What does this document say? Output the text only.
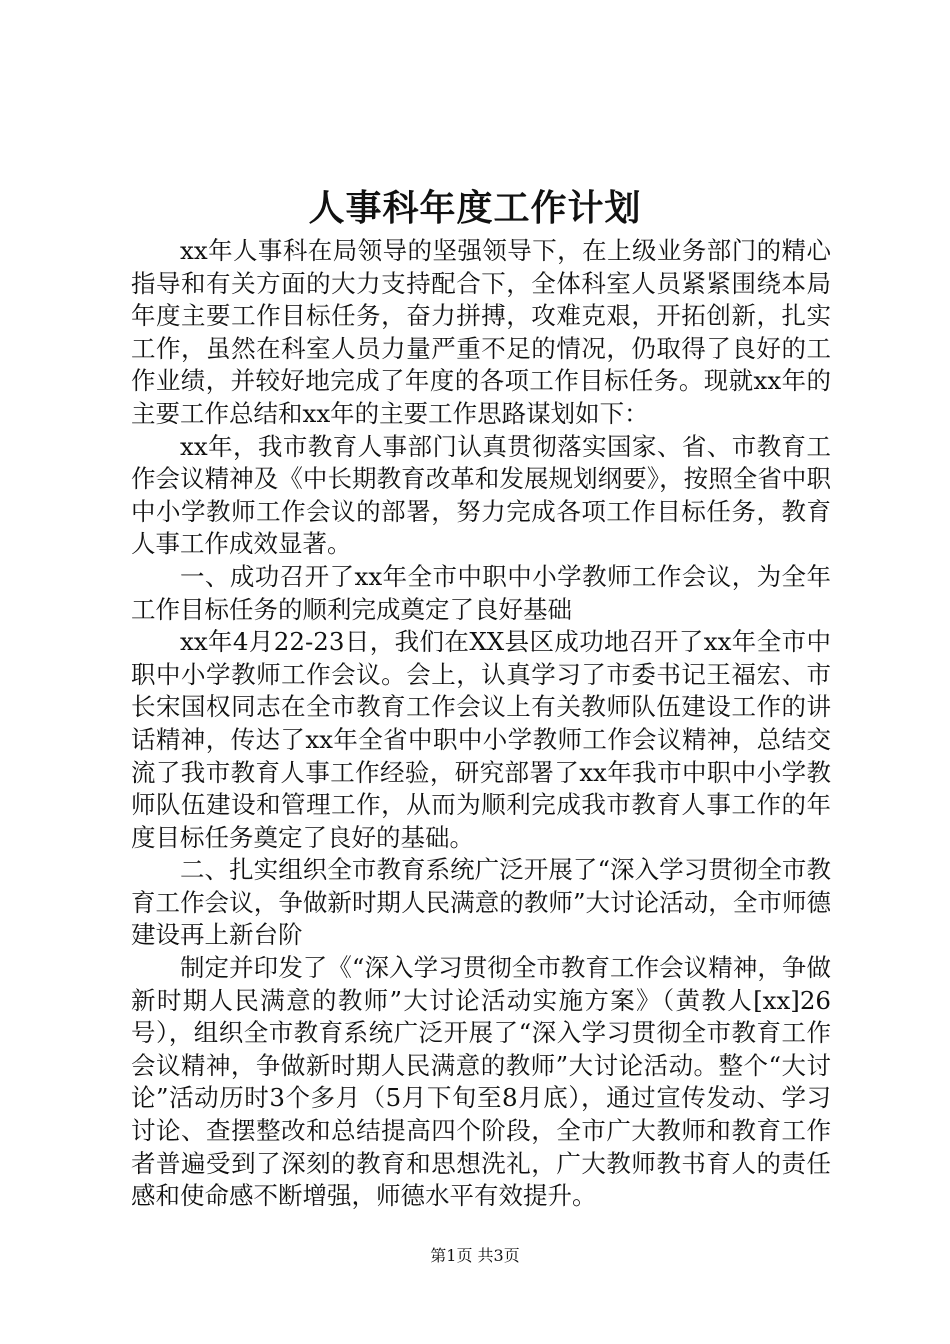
人事科年度工作计划

xx年人事科在局领导的坚强领导下，在上级业务部门的精心指导和有关方面的大力支持配合下，全体科室人员紧紧围绕本局年度主要工作目标任务，奋力拼搏，攻难克艰，开拓创新，扎实工作，虽然在科室人员力量严重不足的情况，仍取得了良好的工作业绩，并较好地完成了年度的各项工作目标任务。现就xx年的主要工作总结和xx年的主要工作思路谋划如下：

xx年，我市教育人事部门认真贯彻落实国家、省、市教育工作会议精神及《中长期教育改革和发展规划纲要》，按照全省中职中小学教师工作会议的部署，努力完成各项工作目标任务，教育人事工作成效显著。

一、成功召开了xx年全市中职中小学教师工作会议，为全年工作目标任务的顺利完成奠定了良好基础

xx年4月22-23日，我们在XX县区成功地召开了xx年全市中职中小学教师工作会议。会上，认真学习了市委书记王福宏、市长宋国权同志在全市教育工作会议上有关教师队伍建设工作的讲话精神，传达了xx年全省中职中小学教师工作会议精神，总结交流了我市教育人事工作经验，研究部署了xx年我市中职中小学教师队伍建设和管理工作，从而为顺利完成我市教育人事工作的年度目标任务奠定了良好的基础。

二、扎实组织全市教育系统广泛开展了“深入学习贯彻全市教育工作会议，争做新时期人民满意的教师”大讨论活动，全市师德建设再上新台阶

制定并印发了《“深入学习贯彻全市教育工作会议精神，争做新时期人民满意的教师”大讨论活动实施方案》（黄教人[xx]26号），组织全市教育系统广泛开展了“深入学习贯彻全市教育工作会议精神，争做新时期人民满意的教师”大讨论活动。整个“大讨论”活动历时3个多月（5月下旬至8月底），通过宣传发动、学习讨论、查摆整改和总结提高四个阶段，全市广大教师和教育工作者普遍受到了深刻的教育和思想洗礼，广大教师教书育人的责任感和使命感不断增强，师德水平有效提升。

第1页 共3页
